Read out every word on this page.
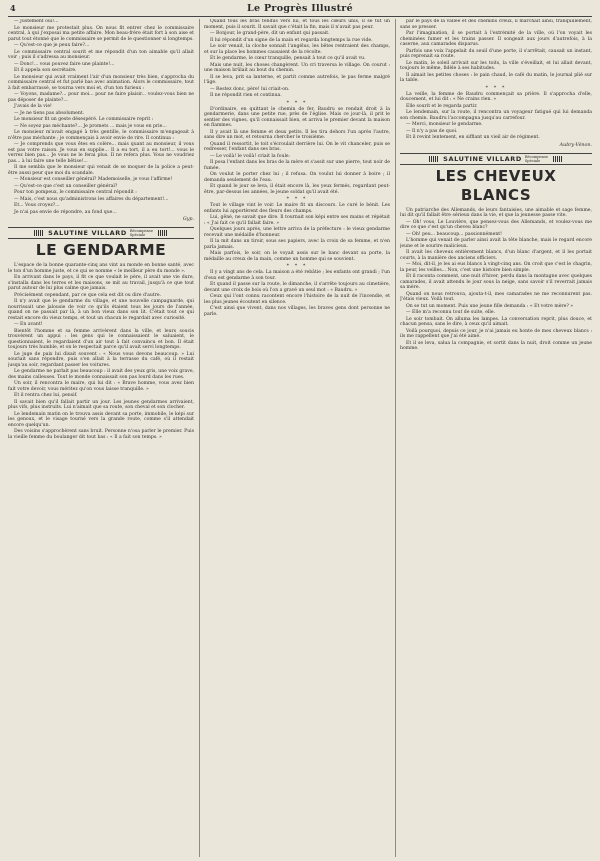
4	Le Progrès Illustré

— Justement oui!...

Le monsieur me protestait plus. On nous fit entrer chez le commissaire central, à qui j'exposai ma petite affaire. Mon beau-frère était fort à son aise et parut tout étonné que le commissaire se permit de le questionner si longtemps.

— Qu'est-ce que je peux faire?...

Le commissaire central sourit et me répondit d'un ton aimable qu'il allait voir ; puis il s'adressa au monsieur.

— Donc!... vous pouvez faire une plainte!...

Et il appela son secrétaire.

Le monsieur qui avait vraiment l'air d'un monsieur très bien, s'approcha du commissaire central et fut parlé bas avec animation. Alors le commissaire, tout à fait embarrassé, se tourna vers moi et, d'un ton furieux :

— Voyons, madame?... pour moi... pour ne faire plaisir... voulez-vous bien ne pas déposer de plainte?...

J'avais de la vie!

— Je ne tiens pas absolument.

Le monsieur fit un geste désespéré. Le commissaire reprit :

— Ne soyez pas méchante?... Je promets ... mais je vous en prie...

Le monsieur m'avait engagé à très gentille, le commissaire m'engageait à n'être pas méchante ; je commençais à avoir envie de rire. Il continua :

— Je comprends que vous êtes en colère... mais quant au monsieur, il vous est pas votre raison. Je vous en supplie... Il a eu tort, il a eu tort!... vous le verrez bien pas... Je vous ne le ferai plus. Il ne refera plus. Vous ne voudriez pas... à lui faire une telle bêtise!...

Il me sembla que le monsieur qui venait de se moquer de la police a peut-être aussi peur que moi du scandale.

— Monsieur est conseiller général? Mademoiselle, je vous l'affirme!

— Qu'est-ce que c'est un conseiller général?

Pour ton pompeux, le commissaire central répondit :

— Mais, c'est nous qu'administrons les affaires du département!...

Et... Vous croyez?...

Je n'ai pas envie de répondre, au fond que...

Gyp.
SALUTINE VILLARD Récompense Spéciale
LE GENDARME

L'espace de la bonne quarante-cinq ans vint au monde en bonne santé, avec le ton d'un homme juste, et ce qui se nomme « le meilleur père du monde ».

En arrivant dans le pays, il fit ce que voulait le père, il avait une vie dure, s'installa dans les terres et les maisons, se mit au travail, jusqu'à ce que tout parut autour de lui plus calme que jamais.

Précisément cependant, par ce que cela est dit ou dire d'autre.

Il n'y avait que le gendarme du village, et une nouvelle campagnarde, qui nourrissait une jalousie de voir ce qu'ils étaient tous les jours de l'année, quand on ne passait par là, à un bon vieux dans son lit. C'était tout ce qui restait encore du vieux temps, et tout un chacun le regardait avec curiosité.

— En avant!

Bientôt l'homme et sa femme arrivèrent dans la ville, et leurs soucis trouvèrent un appui : les gens qui le connaissaient le saluaient, le questionnaient, le regardaient d'un air tout à fait convaincu et bon. Il était toujours très humble, et on le respectait parce qu'il avait servi longtemps.

Le juge de paix lui disait souvent : « Nous vous devons beaucoup. » Lui souriait sans répondre, puis s'en allait à la terrasse du café, où il restait jusqu'au soir, regardant passer les voitures.

Le gendarme ne parlait pas beaucoup : il avait des yeux gris, une voix grave, des mains calleuses. Tout le monde connaissait son pas lourd dans les rues.

Un soir, il rencontra le maire, qui lui dit : « Brave homme, vous avez bien fait votre devoir, vous méritez qu'on vous laisse tranquille. »

Et il rentra chez lui, pensif.

Il savait bien qu'il fallait partir un jour. Les jeunes gendarmes arrivaient, plus vifs, plus instruits. Lui n'aimait que sa route, son cheval et son clocher.

Le lendemain matin on le trouva assis devant sa porte, immobile, le képi sur les genoux, et le visage tourné vers la grande route, comme s'il attendait encore quelqu'un.

Des voisins s'approchèrent sans bruit. Personne n'osa parler le premier. Puis la vieille femme du boulanger dit tout bas : « Il a fait son temps. »

Quand tous les bras tendus vers lui, et tous les cœurs unis, il se tut un moment, puis il sourit. Il savait que c'était la fin, mais il n'avait pas peur.

— Bonjour, le grand-père, dit un enfant qui passait.

Il lui répondit d'un signe de la main et regarda longtemps la rue vide.

Le soir venait, la cloche sonnait l'angélus, les bêtes rentraient des champs, et sur la place les hommes causaient de la récolte.

Et le gendarme, le cœur tranquille, pensait à tout ce qu'il avait vu.

Mais une nuit, les choses changèrent. Un cri traversa le village. On courut : une maison brûlait au bout du chemin.

Il se leva, prit sa lanterne, et partit comme autrefois, le pas ferme malgré l'âge.

— Restez donc, père! lui criait-on.

Il ne répondit rien et continua.

* * *

D'ordinaire, en quittant le chemin de fer, Baudru se rendait droit à la gendarmerie, dans une petite rue, près de l'église. Mais ce jour-là, il prit le sentier des vignes, qu'il connaissait bien, et arriva le premier devant la maison en flammes.

Il y avait là une femme et deux petits. Il les tira dehors l'un après l'autre, sans dire un mot, et retourna chercher le troisième.

Quand il ressortit, le toit s'écroulait derrière lui. On le vit chanceler, puis se redresser, l'enfant dans ses bras.

— Le voilà! le voilà! criait la foule.

Il posa l'enfant dans les bras de la mère et s'assit sur une pierre, tout noir de fumée.

On voulut le porter chez lui ; il refusa. On voulut lui donner à boire ; il demanda seulement de l'eau.

Et quand le jour se leva, il était encore là, les yeux fermés, regardant peut-être, par-dessus les années, le jeune soldat qu'il avait été.

* * *

Tout le village vint le voir. Le maire fit un discours. Le curé le bénit. Les enfants lui apportèrent des fleurs des champs.

Lui, gêné, ne savait que dire. Il tournait son képi entre ses mains et répétait : « J'ai fait ce qu'il fallait faire. »

Quelques jours après, une lettre arriva de la préfecture : le vieux gendarme recevait une médaille d'honneur.

Il la mit dans un tiroir, sous ses papiers, avec la croix de sa femme, et n'en parla jamais.

Mais parfois, le soir, on le voyait assis sur le banc devant sa porte, la médaille au creux de la main, comme un homme qui se souvient.

* * *

Il y a vingt ans de cela. La maison a été rebâtie ; les enfants ont grandi ; l'un d'eux est gendarme à son tour.

Et quand il passe sur la route, le dimanche, il s'arrête toujours au cimetière, devant une croix de bois où l'on a gravé un seul mot : « Baudru. »

Ceux qui l'ont connu racontent encore l'histoire de la nuit de l'incendie, et les plus jeunes écoutent en silence.

C'est ainsi que vivent, dans nos villages, les braves gens dont personne ne parle.

par le pays de la vallée et des chemins creux, il marchait ainsi, tranquillement, sans se presser.

Par l'imagination, il se portait à l'extrémité de la ville, où l'on voyait les cheminées fumer et les trains passer. Il songeait aux jours d'autrefois, à la caserne, aux camarades disparus.

Parfois une voix l'appelait du seuil d'une porte, il s'arrêtait, causait un instant, puis reprenait sa route.

Le matin, le soleil arrivait sur les toits, la ville s'éveillait, et lui allait devant, toujours le même, fidèle à ses habitudes.

Il aimait les petites choses : le pain chaud, le café du matin, le journal plié sur la table.

* * *

La veille, la femme de Baudru commençait sa prière. Il s'approcha d'elle, doucement, et lui dit : « Ne crains rien. »

Elle sourit et le regarda partir.

Le lendemain, sur la route, il rencontra un voyageur fatigué qui lui demanda son chemin. Baudru l'accompagna jusqu'au carrefour.

— Merci, monsieur le gendarme.

— Il n'y a pas de quoi.

Et il revint lentement, en sifflant un vieil air de régiment.

Aubry-Vénon.
SALUTINE VILLARD Récompense Spéciale
LES CHEVEUX BLANCS

Un patriarche des Allemands, de leurs fantaisies, une aimable et sage femme, lui dit qu'il fallait être sérieux dans la vie, et que la jeunesse passe vite.

— Oh! vous, Le Louvière, que pensez-vous des Allemands, et voulez-vous me dire ce que c'est qu'un cheveu blanc?

— Oh! peu... beaucoup... passionnément!

L'homme qui venait de parler ainsi avait la tête blanche, mais le regard encore jeune et le sourire malicieux.

Il avait les cheveux entièrement blancs, d'un blanc d'argent, et il les portait courts, à la manière des anciens officiers.

— Moi, dit-il, je les ai eus blancs à vingt-cinq ans. On croit que c'est le chagrin, la peur, les veilles... Non, c'est une histoire bien simple.

Et il raconta comment, une nuit d'hiver, perdu dans la montagne avec quelques camarades, il avait attendu le jour sous la neige, sans savoir s'il reverrait jamais sa mère.

Quand on nous retrouva, ajouta-t-il, mes camarades ne me reconnurent pas. J'étais vieux. Voilà tout.

On se tut un moment. Puis une jeune fille demanda : « Et votre mère? »

— Elle m'a reconnu tout de suite, elle.

Le soir tombait. On alluma les lampes. La conversation reprit, plus douce, et chacun pensa, sans le dire, à ceux qu'il aimait.

Voilà pourquoi, depuis ce jour, je n'ai jamais eu honte de mes cheveux blancs : ils me rappellent que j'ai été aimé.

Et il se leva, salua la compagnie, et sortit dans la nuit, droit comme un jeune homme.
